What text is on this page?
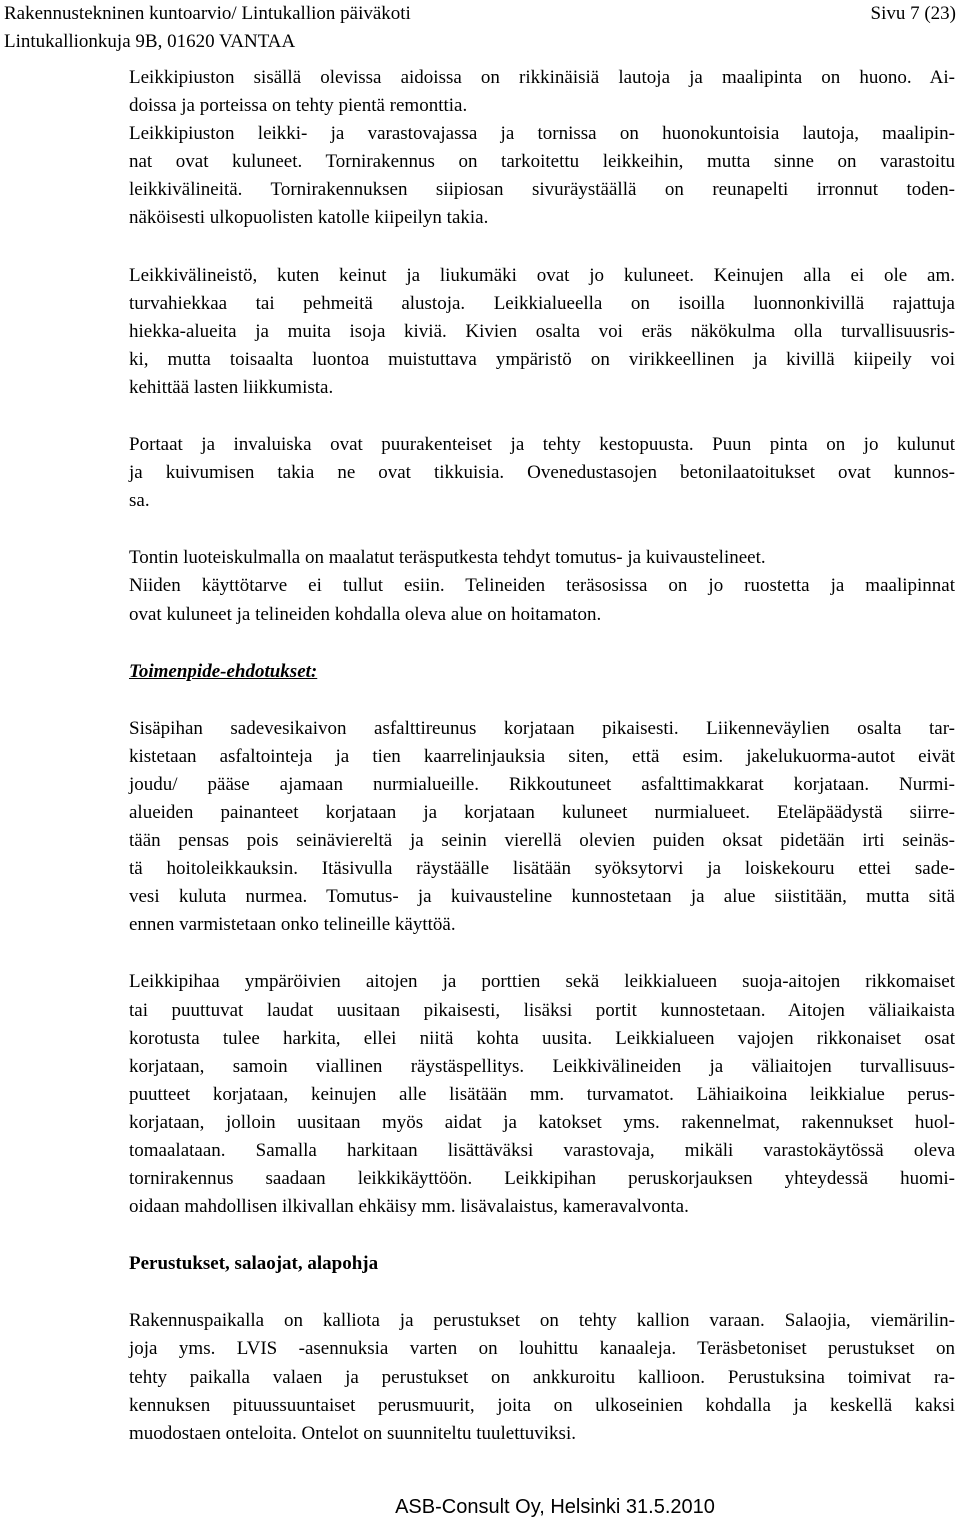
Rakennustekninen kuntoarvio/ Lintukallion päiväkoti
Lintukallionkuja 9B, 01620 VANTAA
Sivu 7 (23)
Leikkipiuston sisällä olevissa aidoissa on rikkinäisiä lautoja ja maalipinta on huono. Ai-
doissa ja porteissa on tehty pientä remonttia.
Leikkipiuston leikki- ja varastovajassa ja tornissa on huonokuntoisia lautoja, maalipin-
nat ovat kuluneet. Tornirakennus on tarkoitettu leikkeihin, mutta sinne on varastoitu
leikkivälineitä. Tornirakennuksen siipiosan sivuräystäällä on reunapelti irronnut toden-
näköisesti ulkopuolisten katolle kiipeilyn takia.
Leikkivälineistö, kuten keinut ja liukumäki ovat jo kuluneet. Keinujen alla ei ole am.
turvahiekkaa tai pehmeitä alustoja. Leikkialueella on isoilla luonnonkivillä rajattuja
hiekka-alueita ja muita isoja kiviä. Kivien osalta voi eräs näkökulma olla turvallisuusris-
ki, mutta toisaalta luontoa muistuttava ympäristö on virikkeellinen ja kivillä kiipeily voi
kehittää lasten liikkumista.
Portaat ja invaluiska ovat puurakenteiset ja tehty kestopuusta. Puun pinta on jo kulunut
ja kuivumisen takia ne ovat tikkuisia. Ovenedustasojen betonilaatoitukset ovat kunnos-
sa.
Tontin luoteiskulmalla on maalatut teräsputkesta tehdyt tomutus- ja kuivaustelineet.
Niiden käyttötarve ei tullut esiin. Telineiden teräsosissa on jo ruostetta ja maalipinnat
ovat kuluneet ja telineiden kohdalla oleva alue on hoitamaton.
Toimenpide-ehdotukset:
Sisäpihan sadevesikaivon asfalttireunus korjataan pikaisesti. Liikenneväylien osalta tar-
kistetaan asfaltointeja ja tien kaarrelinjauksia siten, että esim. jakelukuorma-autot eivät
joudu/ pääse ajamaan nurmialueille. Rikkoutuneet asfalttimakkarat korjataan. Nurmi-
alueiden painanteet korjataan ja korjataan kuluneet nurmialueet. Eteläpäädystä siirre-
tään pensas pois seinävierelt​ä ja seinin vierellä olevien puiden oksat pidetään irti seinäs-
tä hoitoleikkauksin. Itäsivulla räystäälle lisätään syöksytorvi ja loiskekouru ettei sade-
vesi kuluta nurmea. Tomutus- ja kuivausteline kunnostetaan ja alue siistitään, mutta sitä
ennen varmistetaan onko telineille käyttöä.
Leikkipihaa ympäröivien aitojen ja porttien sekä leikkialueen suoja-aitojen rikkomaiset
tai puuttuvat laudat uusitaan pikaisesti, lisäksi portit kunnostetaan. Aitojen väliaikaista
korotusta tulee harkita, ellei niitä kohta uusita. Leikkialueen vajojen rikkonaiset osat
korjataan, samoin viallinen räystäspellitys. Leikkivälineiden ja väliaitojen turvallisuus-
puutteet korjataan, keinujen alle lisätään mm. turvamatot. Lähiaikoina leikkialue perus-
korjataan, jolloin uusitaan myös aidat ja katokset yms. rakennelmat, rakennukset huol-
tomaalataan. Samalla harkitaan lisättäväksi varastovaja, mikäli varastokäytössä oleva
tornirakennus saadaan leikkikäyttöön. Leikkipihan peruskorjauksen yhteydessä huomi-
oidaan mahdollisen ilkivallan ehkäisy mm. lisävalaistus, kameravalvonta.
Perustukset, salaojat, alapohja
Rakennuspaikalla on kalliota ja perustukset on tehty kallion varaan. Salaojia, viemärilin-
joja yms. LVIS -asennuksia varten on louhittu kanaaleja. Teräsbetoniset perustukset on
tehty paikalla valaen ja perustukset on ankkuroitu kallioon. Perustuksina toimivat ra-
kennuksen pituussuuntaiset perusmuurit, joita on ulkoseinien kohdalla ja keskellä kaksi
muodostaen onteloita. Ontelot on suunniteltu tuulettuviksi.
ASB-Consult Oy, Helsinki 31.5.2010
